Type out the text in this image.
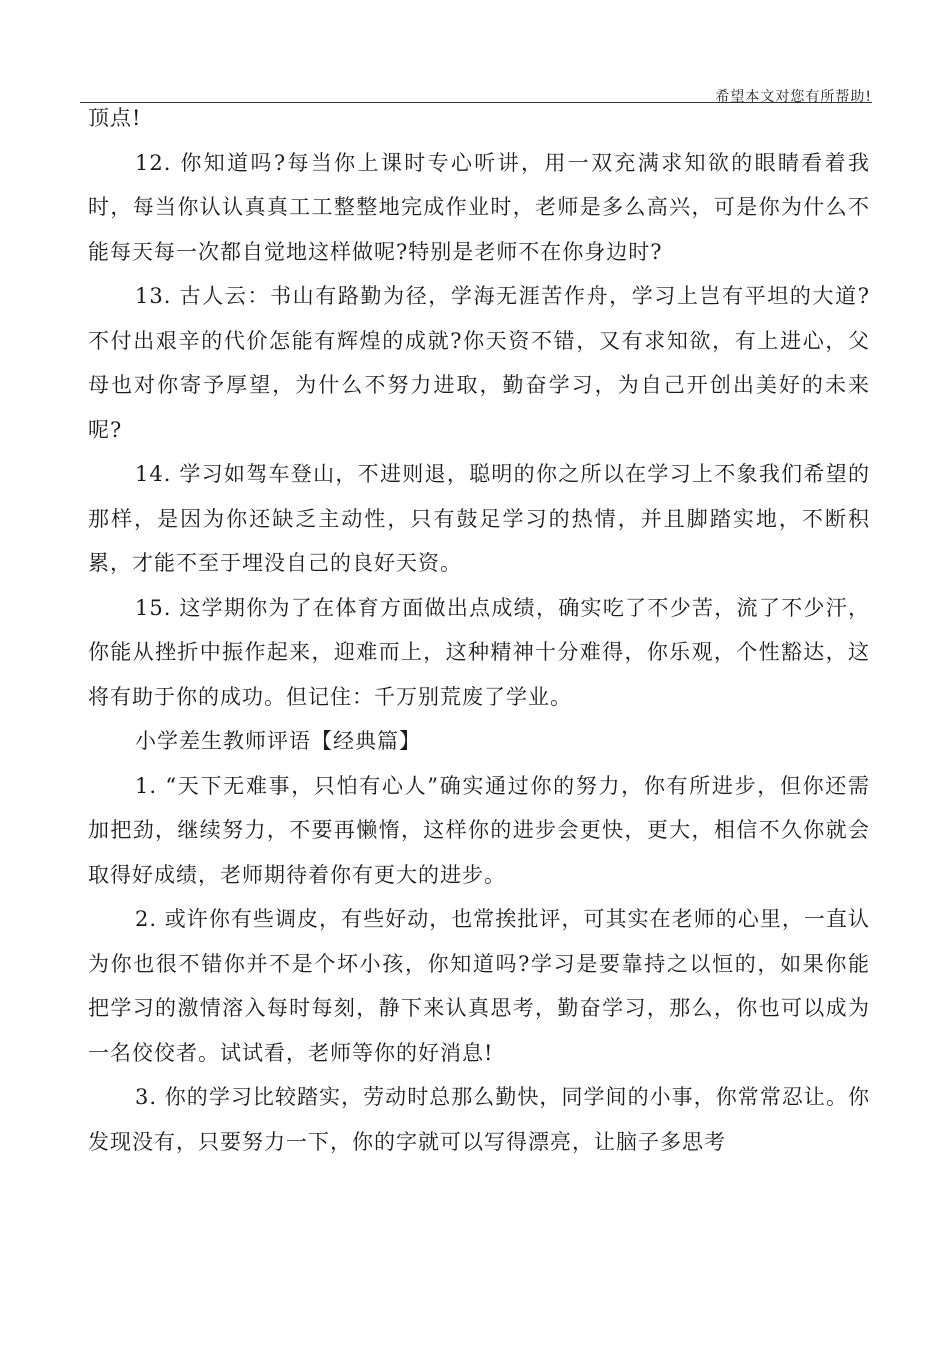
希望本文对您有所帮助!

顶点!

12. 你知道吗?每当你上课时专心听讲，用一双充满求知欲的眼睛看着我时，每当你认认真真工工整整地完成作业时，老师是多么高兴，可是你为什么不能每天每一次都自觉地这样做呢?特别是老师不在你身边时?

13. 古人云：书山有路勤为径，学海无涯苦作舟，学习上岂有平坦的大道?不付出艰辛的代价怎能有辉煌的成就?你天资不错，又有求知欲，有上进心，父母也对你寄予厚望，为什么不努力进取，勤奋学习，为自己开创出美好的未来呢?

14. 学习如驾车登山，不进则退，聪明的你之所以在学习上不象我们希望的那样，是因为你还缺乏主动性，只有鼓足学习的热情，并且脚踏实地，不断积累，才能不至于埋没自己的良好天资。

15. 这学期你为了在体育方面做出点成绩，确实吃了不少苦，流了不少汗，你能从挫折中振作起来，迎难而上，这种精神十分难得，你乐观，个性豁达，这将有助于你的成功。但记住：千万别荒废了学业。

小学差生教师评语【经典篇】

1. “天下无难事，只怕有心人”确实通过你的努力，你有所进步，但你还需加把劲，继续努力，不要再懒惰，这样你的进步会更快，更大，相信不久你就会取得好成绩，老师期待着你有更大的进步。

2. 或许你有些调皮，有些好动，也常挨批评，可其实在老师的心里，一直认为你也很不错你并不是个坏小孩，你知道吗?学习是要靠持之以恒的，如果你能把学习的激情溶入每时每刻，静下来认真思考，勤奋学习，那么，你也可以成为一名佼佼者。试试看，老师等你的好消息!

3. 你的学习比较踏实，劳动时总那么勤快，同学间的小事，你常常忍让。你发现没有，只要努力一下，你的字就可以写得漂亮，让脑子多思考
